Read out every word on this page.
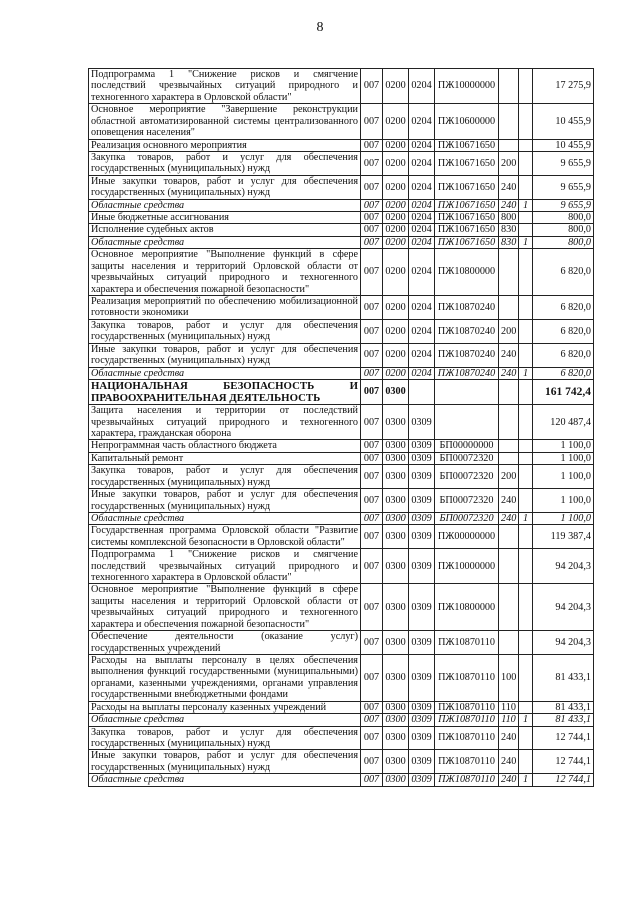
8
Подпрограмма 1 "Снижение рисков и смягчение последствий чрезвычайных ситуаций природного и техногенного характера в Орловской области"	007	0200	0204	ПЖ10000000			17 275,9
Основное мероприятие "Завершение реконструкции областной автоматизированной системы централизованного оповещения населения"	007	0200	0204	ПЖ10600000			10 455,9
Реализация основного мероприятия	007	0200	0204	ПЖ10671650			10 455,9
Закупка товаров, работ и услуг для обеспечения государственных (муниципальных) нужд	007	0200	0204	ПЖ10671650	200		9 655,9
Иные закупки товаров, работ и услуг для обеспечения государственных (муниципальных) нужд	007	0200	0204	ПЖ10671650	240		9 655,9
Областные средства	007	0200	0204	ПЖ10671650	240	1	9 655,9
Иные бюджетные ассигнования	007	0200	0204	ПЖ10671650	800		800,0
Исполнение судебных актов	007	0200	0204	ПЖ10671650	830		800,0
Областные средства	007	0200	0204	ПЖ10671650	830	1	800,0
Основное мероприятие "Выполнение функций в сфере защиты населения и территорий Орловской области от чрезвычайных ситуаций природного и техногенного характера и обеспечения пожарной безопасности"	007	0200	0204	ПЖ10800000			6 820,0
Реализация мероприятий по обеспечению мобилизационной готовности экономики	007	0200	0204	ПЖ10870240			6 820,0
Закупка товаров, работ и услуг для обеспечения государственных (муниципальных) нужд	007	0200	0204	ПЖ10870240	200		6 820,0
Иные закупки товаров, работ и услуг для обеспечения государственных (муниципальных) нужд	007	0200	0204	ПЖ10870240	240		6 820,0
Областные средства	007	0200	0204	ПЖ10870240	240	1	6 820,0
НАЦИОНАЛЬНАЯ БЕЗОПАСНОСТЬ И ПРАВООХРАНИТЕЛЬНАЯ ДЕЯТЕЛЬНОСТЬ	007	0300					161 742,4
Защита населения и территории от последствий чрезвычайных ситуаций природного и техногенного характера, гражданская оборона	007	0300	0309				120 487,4
Непрограммная часть областного бюджета	007	0300	0309	БП00000000			1 100,0
Капитальный ремонт	007	0300	0309	БП00072320			1 100,0
Закупка товаров, работ и услуг для обеспечения государственных (муниципальных) нужд	007	0300	0309	БП00072320	200		1 100,0
Иные закупки товаров, работ и услуг для обеспечения государственных (муниципальных) нужд	007	0300	0309	БП00072320	240		1 100,0
Областные средства	007	0300	0309	БП00072320	240	1	1 100,0
Государственная программа Орловской области "Развитие системы комплексной безопасности в Орловской области"	007	0300	0309	ПЖ00000000			119 387,4
Подпрограмма 1 "Снижение рисков и смягчение последствий чрезвычайных ситуаций природного и техногенного характера в Орловской области"	007	0300	0309	ПЖ10000000			94 204,3
Основное мероприятие "Выполнение функций в сфере защиты населения и территорий Орловской области от чрезвычайных ситуаций природного и техногенного характера и обеспечения пожарной безопасности"	007	0300	0309	ПЖ10800000			94 204,3
Обеспечение деятельности (оказание услуг) государственных учреждений	007	0300	0309	ПЖ10870110			94 204,3
Расходы на выплаты персоналу в целях обеспечения выполнения функций государственными (муниципальными) органами, казенными учреждениями, органами управления государственными внебюджетными фондами	007	0300	0309	ПЖ10870110	100		81 433,1
Расходы на выплаты персоналу казенных учреждений	007	0300	0309	ПЖ10870110	110		81 433,1
Областные средства	007	0300	0309	ПЖ10870110	110	1	81 433,1
Закупка товаров, работ и услуг для обеспечения государственных (муниципальных) нужд	007	0300	0309	ПЖ10870110	240		12 744,1
Иные закупки товаров, работ и услуг для обеспечения государственных (муниципальных) нужд	007	0300	0309	ПЖ10870110	240		12 744,1
Областные средства	007	0300	0309	ПЖ10870110	240	1	12 744,1
